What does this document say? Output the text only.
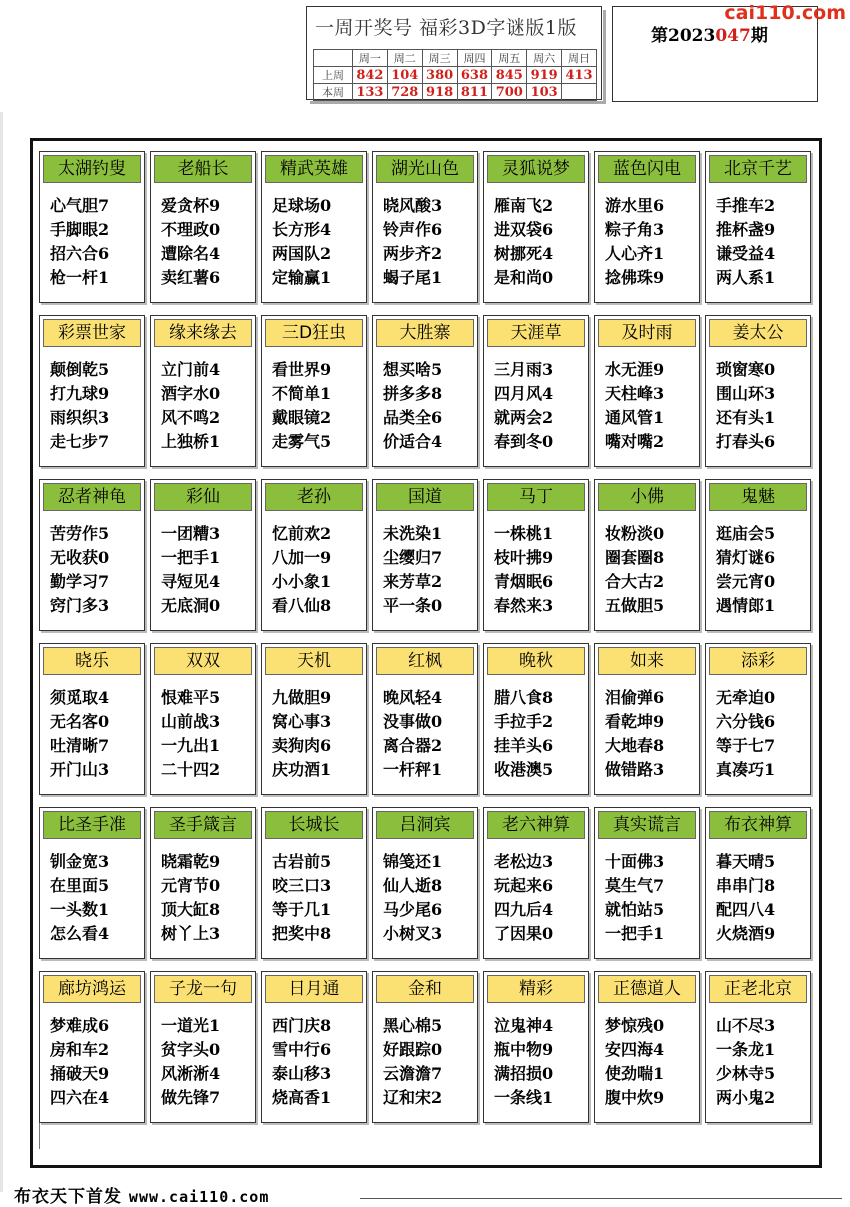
一周开奖号 福彩3D字谜版1版
	周一	周二	周三	周四	周五	周六	周日
上周	842	104	380	638	845	919	413
本周	133	728	918	811	700	103	
第2023047期
cai110.com
太湖钓叟
心气胆7
手脚眼2
招六合6
枪一杆1
老船长
爱贪杯9
不理政0
遭除名4
卖红薯6
精武英雄
足球场0
长方形4
两国队2
定输赢1
湖光山色
晓风酸3
铃声作6
两步齐2
蝎子尾1
灵狐说梦
雁南飞2
进双袋6
树挪死4
是和尚0
蓝色闪电
游水里6
粽子角3
人心齐1
捻佛珠9
北京千艺
手推车2
推杯盏9
谦受益4
两人系1
彩票世家
颠倒乾5
打九球9
雨织织3
走七步7
缘来缘去
立门前4
酒字水0
风不鸣2
上独桥1
三D狂虫
看世界9
不简单1
戴眼镜2
走雾气5
大胜寨
想买啥5
拼多多8
品类全6
价适合4
天涯草
三月雨3
四月风4
就两会2
春到冬0
及时雨
水无涯9
天柱峰3
通风管1
嘴对嘴2
姜太公
琐窗寒0
围山环3
还有头1
打春头6
忍者神龟
苦劳作5
无收获0
勤学习7
窍门多3
彩仙
一团糟3
一把手1
寻短见4
无底洞0
老孙
忆前欢2
八加一9
小小象1
看八仙8
国道
未洗染1
尘缨归7
来芳草2
平一条0
马丁
一株桃1
枝叶拂9
青烟眠6
春然来3
小佛
妆粉淡0
圈套圈8
合大古2
五做胆5
鬼魅
逛庙会5
猜灯谜6
尝元宵0
遇情郎1
晓乐
须觅取4
无名客0
吐清晰7
开门山3
双双
恨难平5
山前战3
一九出1
二十四2
天机
九做胆9
窝心事3
卖狗肉6
庆功酒1
红枫
晚风轻4
没事做0
离合器2
一杆秤1
晚秋
腊八食8
手拉手2
挂羊头6
收港澳5
如来
泪偷弹6
看乾坤9
大地春8
做错路3
添彩
无牵迫0
六分钱6
等于七7
真凑巧1
比圣手准
钏金宽3
在里面5
一头数1
怎么看4
圣手箴言
晓霜乾9
元宵节0
顶大缸8
树丫上3
长城长
古岩前5
咬三口3
等于几1
把奖中8
吕洞宾
锦笺还1
仙人逝8
马少尾6
小树叉3
老六神算
老松边3
玩起来6
四九后4
了因果0
真实谎言
十面佛3
莫生气7
就怕站5
一把手1
布衣神算
暮天晴5
串串门8
配四八4
火烧酒9
廊坊鸿运
梦难成6
房和车2
捅破天9
四六在4
子龙一句
一道光1
贫字头0
风淅淅4
做先锋7
日月通
西门庆8
雪中行6
泰山移3
烧高香1
金和
黑心棉5
好跟踪0
云澹澹7
辽和宋2
精彩
泣鬼神4
瓶中物9
满招损0
一条线1
正德道人
梦惊残0
安四海4
使劲喘1
腹中炊9
正老北京
山不尽3
一条龙1
少林寺5
两小鬼2
布衣天下首发 www.cai110.com
